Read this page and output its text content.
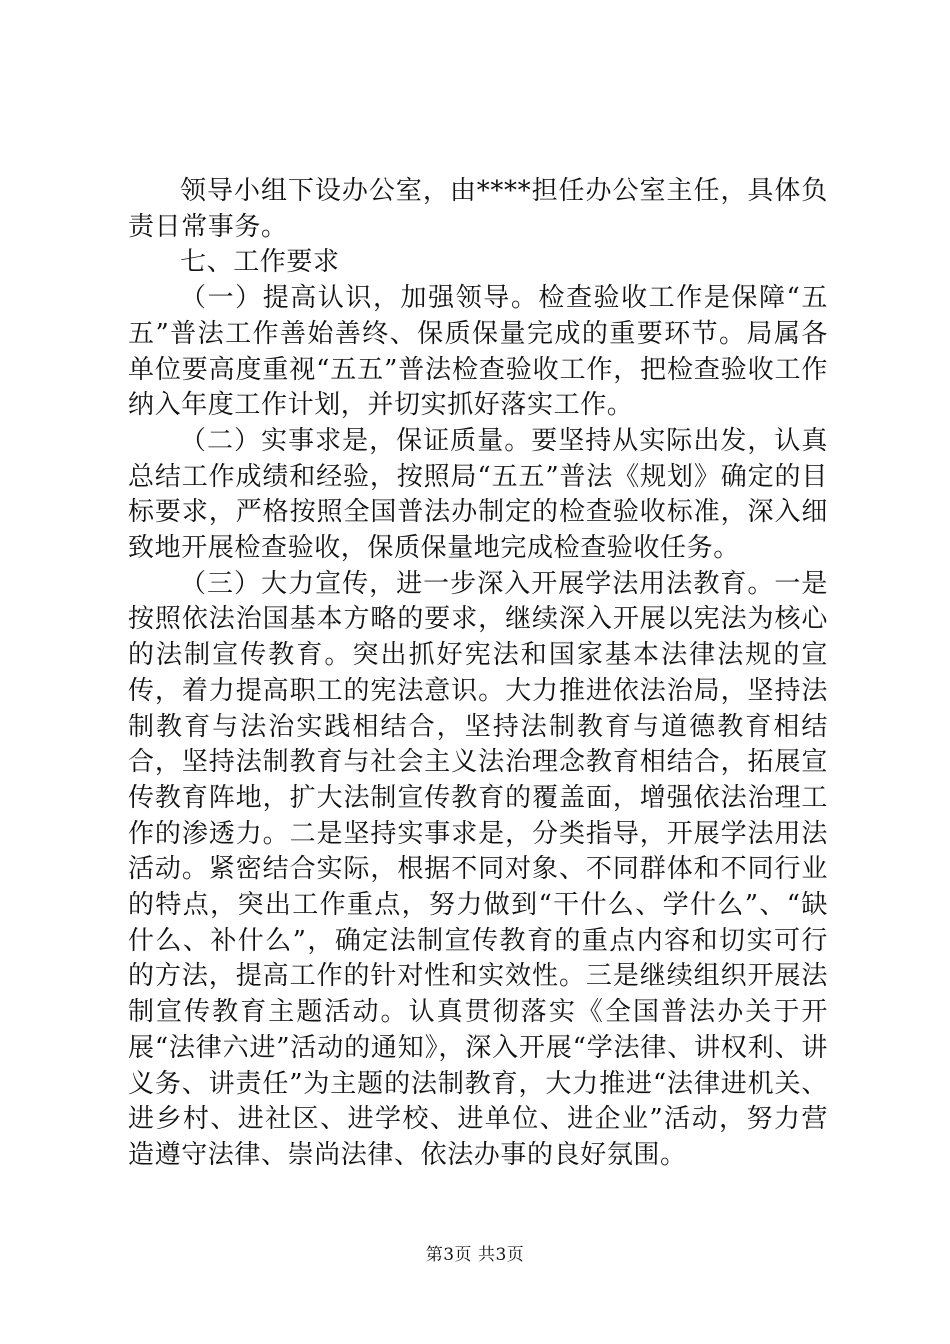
领导小组下设办公室，由****担任办公室主任，具体负责日常事务。

七、工作要求

（一）提高认识，加强领导。检查验收工作是保障“五五”普法工作善始善终、保质保量完成的重要环节。局属各单位要高度重视“五五”普法检查验收工作，把检查验收工作纳入年度工作计划，并切实抓好落实工作。

（二）实事求是，保证质量。要坚持从实际出发，认真总结工作成绩和经验，按照局“五五”普法《规划》确定的目标要求，严格按照全国普法办制定的检查验收标准，深入细致地开展检查验收，保质保量地完成检查验收任务。

（三）大力宣传，进一步深入开展学法用法教育。一是按照依法治国基本方略的要求，继续深入开展以宪法为核心的法制宣传教育。突出抓好宪法和国家基本法律法规的宣传，着力提高职工的宪法意识。大力推进依法治局，坚持法制教育与法治实践相结合，坚持法制教育与道德教育相结合，坚持法制教育与社会主义法治理念教育相结合，拓展宣传教育阵地，扩大法制宣传教育的覆盖面，增强依法治理工作的渗透力。二是坚持实事求是，分类指导，开展学法用法活动。紧密结合实际，根据不同对象、不同群体和不同行业的特点，突出工作重点，努力做到“干什么、学什么”、“缺什么、补什么”，确定法制宣传教育的重点内容和切实可行的方法，提高工作的针对性和实效性。三是继续组织开展法制宣传教育主题活动。认真贯彻落实《全国普法办关于开展“法律六进”活动的通知》，深入开展“学法律、讲权利、讲义务、讲责任”为主题的法制教育，大力推进“法律进机关、进乡村、进社区、进学校、进单位、进企业”活动，努力营造遵守法律、崇尚法律、依法办事的良好氛围。

第3页 共3页
